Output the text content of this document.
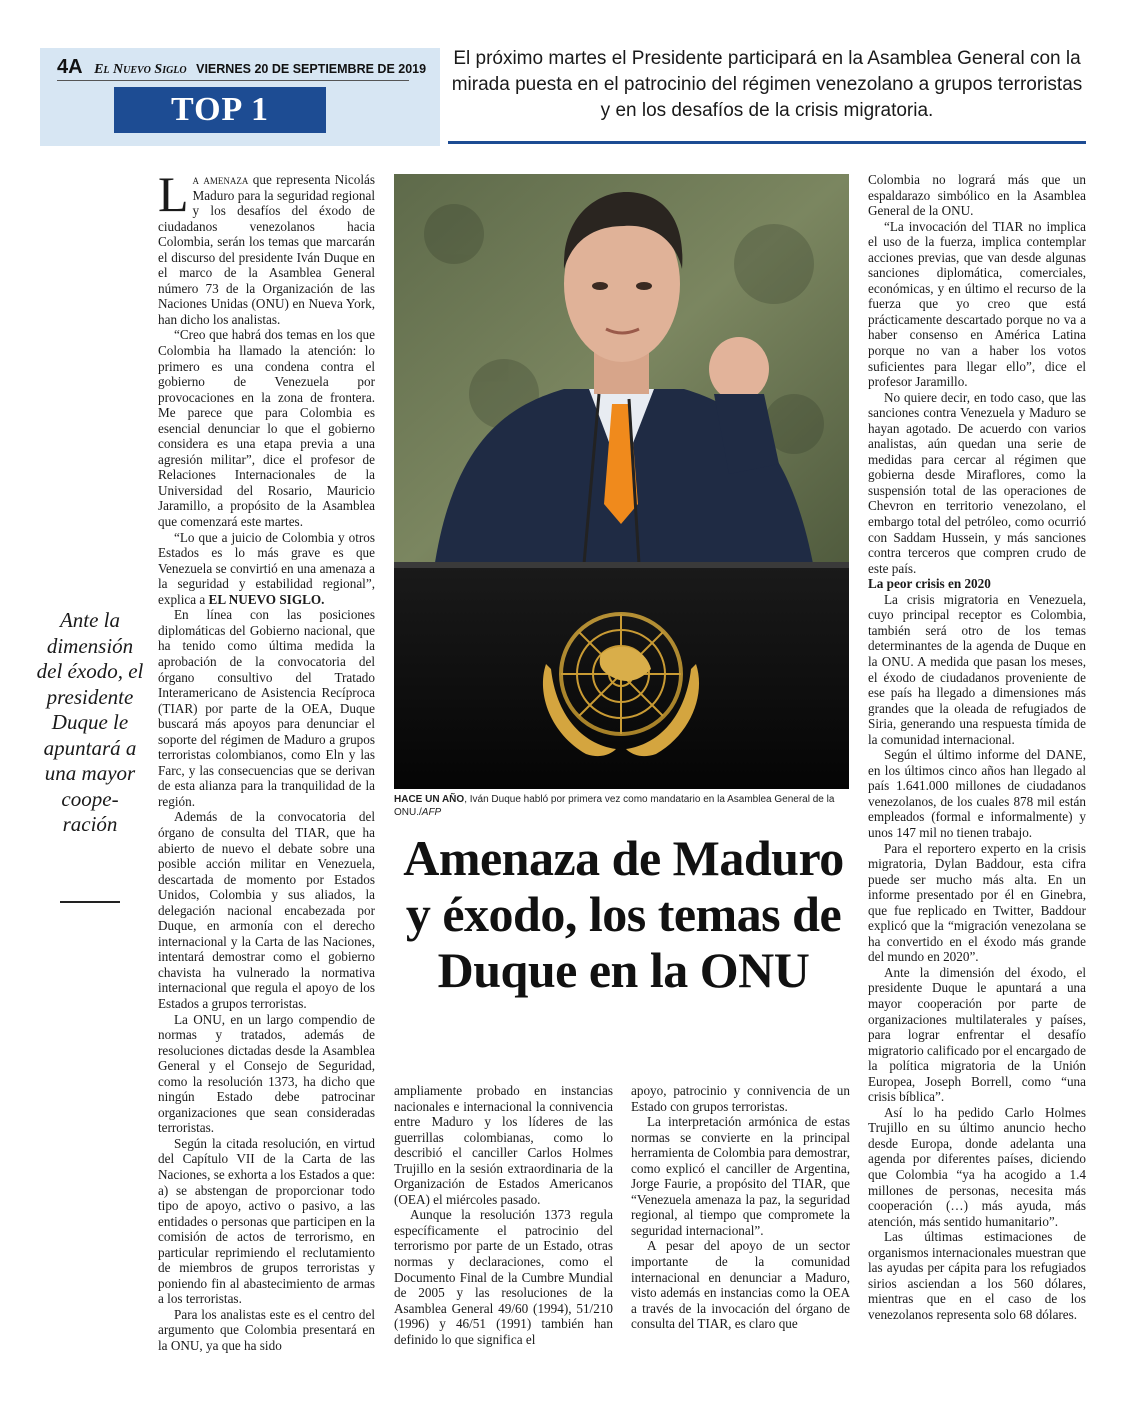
4A El Nuevo Siglo VIERNES 20 DE SEPTIEMBRE DE 2019
TOP 1
El próximo martes el Presidente participará en la Asamblea General con la mirada puesta en el patrocinio del régimen venezolano a grupos terroristas y en los desafíos de la crisis migratoria.
Ante la dimensión del éxodo, el presidente Duque le apuntará a una mayor coope-ración

La amenaza que representa Nicolás Maduro para la seguridad regional y los desafíos del éxodo de ciudadanos venezolanos hacia Colombia, serán los temas que marcarán el discurso del presidente Iván Duque en el marco de la Asamblea General número 73 de la Organización de las Naciones Unidas (ONU) en Nueva York, han dicho los analistas.

“Creo que habrá dos temas en los que Colombia ha llamado la atención: lo primero es una condena contra el gobierno de Venezuela por provocaciones en la zona de frontera. Me parece que para Colombia es esencial denunciar lo que el gobierno considera es una etapa previa a una agresión militar”, dice el profesor de Relaciones Internacionales de la Universidad del Rosario, Mauricio Jaramillo, a propósito de la Asamblea que comenzará este martes.

“Lo que a juicio de Colombia y otros Estados es lo más grave es que Venezuela se convirtió en una amenaza a la seguridad y estabilidad regional”, explica a EL NUEVO SIGLO.

En línea con las posiciones diplomáticas del Gobierno nacional, que ha tenido como última medida la aprobación de la convocatoria del órgano consultivo del Tratado Interamericano de Asistencia Recíproca (TIAR) por parte de la OEA, Duque buscará más apoyos para denunciar el soporte del régimen de Maduro a grupos terroristas colombianos, como Eln y las Farc, y las consecuencias que se derivan de esta alianza para la tranquilidad de la región.

Además de la convocatoria del órgano de consulta del TIAR, que ha abierto de nuevo el debate sobre una posible acción militar en Venezuela, descartada de momento por Estados Unidos, Colombia y sus aliados, la delegación nacional encabezada por Duque, en armonía con el derecho internacional y la Carta de las Naciones, intentará demostrar como el gobierno chavista ha vulnerado la normativa internacional que regula el apoyo de los Estados a grupos terroristas.

La ONU, en un largo compendio de normas y tratados, además de resoluciones dictadas desde la Asamblea General y el Consejo de Seguridad, como la resolución 1373, ha dicho que ningún Estado debe patrocinar organizaciones que sean consideradas terroristas.

Según la citada resolución, en virtud del Capítulo VII de la Carta de las Naciones, se exhorta a los Estados a que: a) se abstengan de proporcionar todo tipo de apoyo, activo o pasivo, a las entidades o personas que participen en la comisión de actos de terrorismo, en particular reprimiendo el reclutamiento de miembros de grupos terroristas y poniendo fin al abastecimiento de armas a los terroristas.

Para los analistas este es el centro del argumento que Colombia presentará en la ONU, ya que ha sido

HACE UN AÑO, Iván Duque habló por primera vez como mandatario en la Asamblea General de la ONU./AFP
Amenaza de Maduro y éxodo, los temas de Duque en la ONU

ampliamente probado en instancias nacionales e internacional la connivencia entre Maduro y los líderes de las guerrillas colombianas, como lo describió el canciller Carlos Holmes Trujillo en la sesión extraordinaria de la Organización de Estados Americanos (OEA) el miércoles pasado.

Aunque la resolución 1373 regula específicamente el patrocinio del terrorismo por parte de un Estado, otras normas y declaraciones, como el Documento Final de la Cumbre Mundial de 2005 y las resoluciones de la Asamblea General 49/60 (1994), 51/210 (1996) y 46/51 (1991) también han definido lo que significa el

apoyo, patrocinio y connivencia de un Estado con grupos terroristas.

La interpretación armónica de estas normas se convierte en la principal herramienta de Colombia para demostrar, como explicó el canciller de Argentina, Jorge Faurie, a propósito del TIAR, que “Venezuela amenaza la paz, la seguridad regional, al tiempo que compromete la seguridad internacional”.

A pesar del apoyo de un sector importante de la comunidad internacional en denunciar a Maduro, visto además en instancias como la OEA a través de la invocación del órgano de consulta del TIAR, es claro que

Colombia no logrará más que un espaldarazo simbólico en la Asamblea General de la ONU.

“La invocación del TIAR no implica el uso de la fuerza, implica contemplar acciones previas, que van desde algunas sanciones diplomática, comerciales, económicas, y en último el recurso de la fuerza que yo creo que está prácticamente descartado porque no va a haber consenso en América Latina porque no van a haber los votos suficientes para llegar ello”, dice el profesor Jaramillo.

No quiere decir, en todo caso, que las sanciones contra Venezuela y Maduro se hayan agotado. De acuerdo con varios analistas, aún quedan una serie de medidas para cercar al régimen que gobierna desde Miraflores, como la suspensión total de las operaciones de Chevron en territorio venezolano, el embargo total del petróleo, como ocurrió con Saddam Hussein, y más sanciones contra terceros que compren crudo de este país.

La peor crisis en 2020

La crisis migratoria en Venezuela, cuyo principal receptor es Colombia, también será otro de los temas determinantes de la agenda de Duque en la ONU. A medida que pasan los meses, el éxodo de ciudadanos proveniente de ese país ha llegado a dimensiones más grandes que la oleada de refugiados de Siria, generando una respuesta tímida de la comunidad internacional.

Según el último informe del DANE, en los últimos cinco años han llegado al país 1.641.000 millones de ciudadanos venezolanos, de los cuales 878 mil están empleados (formal e informalmente) y unos 147 mil no tienen trabajo.

Para el reportero experto en la crisis migratoria, Dylan Baddour, esta cifra puede ser mucho más alta. En un informe presentado por él en Ginebra, que fue replicado en Twitter, Baddour explicó que la “migración venezolana se ha convertido en el éxodo más grande del mundo en 2020”.

Ante la dimensión del éxodo, el presidente Duque le apuntará a una mayor cooperación por parte de organizaciones multilaterales y países, para lograr enfrentar el desafío migratorio calificado por el encargado de la política migratoria de la Unión Europea, Joseph Borrell, como “una crisis bíblica”.

Así lo ha pedido Carlo Holmes Trujillo en su último anuncio hecho desde Europa, donde adelanta una agenda por diferentes países, diciendo que Colombia “ya ha acogido a 1.4 millones de personas, necesita más cooperación (…) más ayuda, más atención, más sentido humanitario”.

Las últimas estimaciones de organismos internacionales muestran que las ayudas per cápita para los refugiados sirios asciendan a los 560 dólares, mientras que en el caso de los venezolanos representa solo 68 dólares.
